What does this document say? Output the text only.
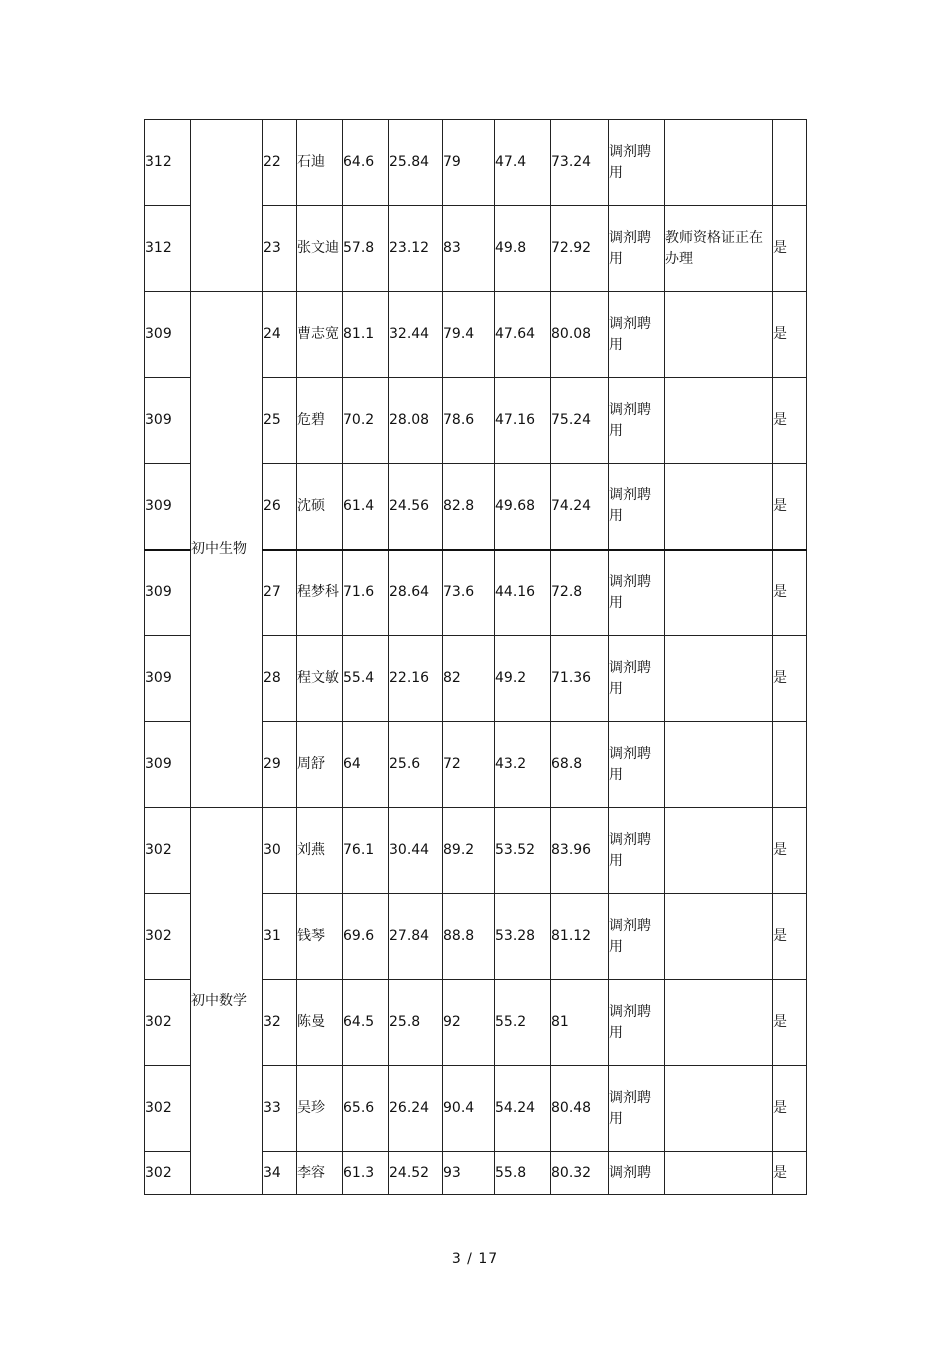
312		22	石迪	64.6	25.84	79	47.4	73.24	调剂聘用		
312		23	张文迪	57.8	23.12	83	49.8	72.92	调剂聘用	教师资格证正在办理	是
309	初中生物	24	曹志宽	81.1	32.44	79.4	47.64	80.08	调剂聘用		是
309		25	危碧	70.2	28.08	78.6	47.16	75.24	调剂聘用		是
309		26	沈硕	61.4	24.56	82.8	49.68	74.24	调剂聘用		是
309		27	程梦科	71.6	28.64	73.6	44.16	72.8	调剂聘用		是
309		28	程文敏	55.4	22.16	82	49.2	71.36	调剂聘用		是
309		29	周舒	64	25.6	72	43.2	68.8	调剂聘用		
302	初中数学	30	刘燕	76.1	30.44	89.2	53.52	83.96	调剂聘用		是
302		31	钱琴	69.6	27.84	88.8	53.28	81.12	调剂聘用		是
302		32	陈曼	64.5	25.8	92	55.2	81	调剂聘用		是
302		33	吴珍	65.6	26.24	90.4	54.24	80.48	调剂聘用		是
302		34	李容	61.3	24.52	93	55.8	80.32	调剂聘		是
3 / 17
